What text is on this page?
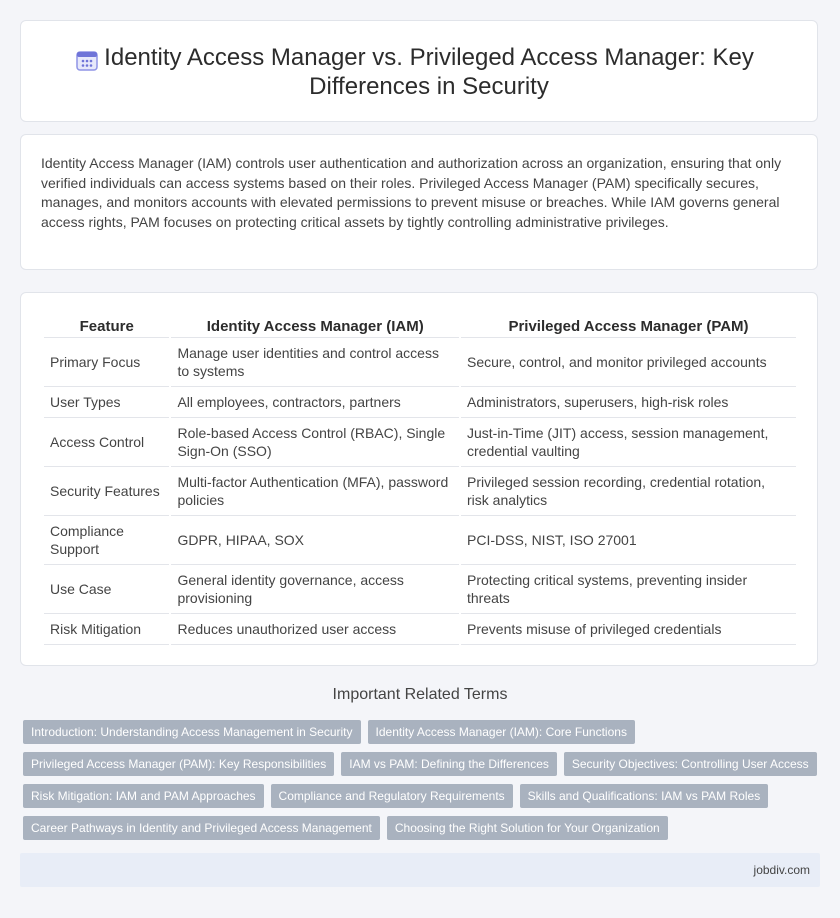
Identity Access Manager vs. Privileged Access Manager: Key Differences in Security

Identity Access Manager (IAM) controls user authentication and authorization across an organization, ensuring that only verified individuals can access systems based on their roles. Privileged Access Manager (PAM) specifically secures, manages, and monitors accounts with elevated permissions to prevent misuse or breaches. While IAM governs general access rights, PAM focuses on protecting critical assets by tightly controlling administrative privileges.

Feature	Identity Access Manager (IAM)	Privileged Access Manager (PAM)
Primary Focus	Manage user identities and control access to systems	Secure, control, and monitor privileged accounts
User Types	All employees, contractors, partners	Administrators, superusers, high-risk roles
Access Control	Role-based Access Control (RBAC), Single Sign-On (SSO)	Just-in-Time (JIT) access, session management, credential vaulting
Security Features	Multi-factor Authentication (MFA), password policies	Privileged session recording, credential rotation, risk analytics
Compliance Support	GDPR, HIPAA, SOX	PCI-DSS, NIST, ISO 27001
Use Case	General identity governance, access provisioning	Protecting critical systems, preventing insider threats
Risk Mitigation	Reduces unauthorized user access	Prevents misuse of privileged credentials
Important Related Terms
Introduction: Understanding Access Management in Security	Identity Access Manager (IAM): Core Functions
Privileged Access Manager (PAM): Key Responsibilities	IAM vs PAM: Defining the Differences	Security Objectives: Controlling User Access
Risk Mitigation: IAM and PAM Approaches	Compliance and Regulatory Requirements	Skills and Qualifications: IAM vs PAM Roles
Career Pathways in Identity and Privileged Access Management	Choosing the Right Solution for Your Organization
jobdiv.com
